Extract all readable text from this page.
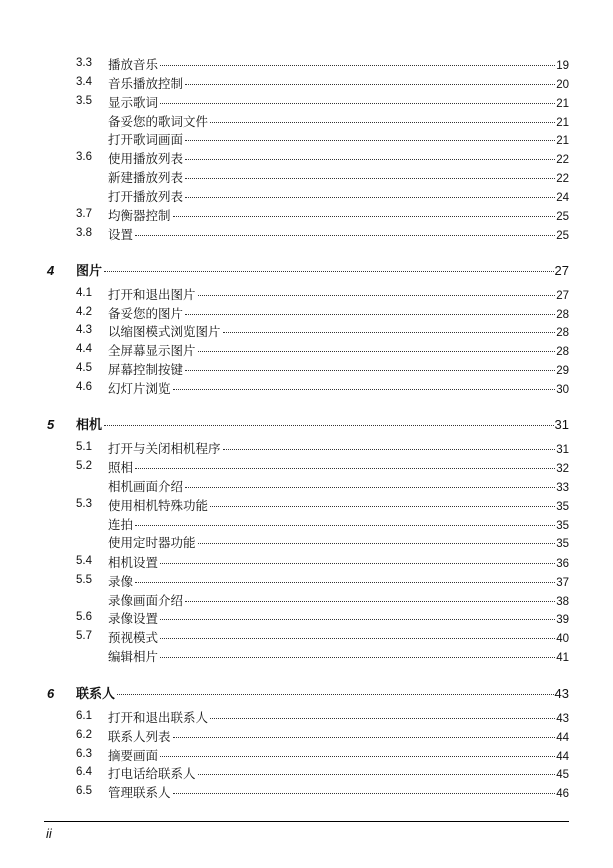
3.3 播放音乐	19
3.4 音乐播放控制	20
3.5 显示歌词	21
备妥您的歌词文件	21
打开歌词画面	21
3.6 使用播放列表	22
新建播放列表	22
打开播放列表	24
3.7 均衡器控制	25
3.8 设置	25
4 图片	27
4.1 打开和退出图片	27
4.2 备妥您的图片	28
4.3 以缩图模式浏览图片	28
4.4 全屏幕显示图片	28
4.5 屏幕控制按键	29
4.6 幻灯片浏览	30
5 相机	31
5.1 打开与关闭相机程序	31
5.2 照相	32
相机画面介绍	33
5.3 使用相机特殊功能	35
连拍	35
使用定时器功能	35
5.4 相机设置	36
5.5 录像	37
录像画面介绍	38
5.6 录像设置	39
5.7 预视模式	40
编辑相片	41
6 联系人	43
6.1 打开和退出联系人	43
6.2 联系人列表	44
6.3 摘要画面	44
6.4 打电话给联系人	45
6.5 管理联系人	46
ii
